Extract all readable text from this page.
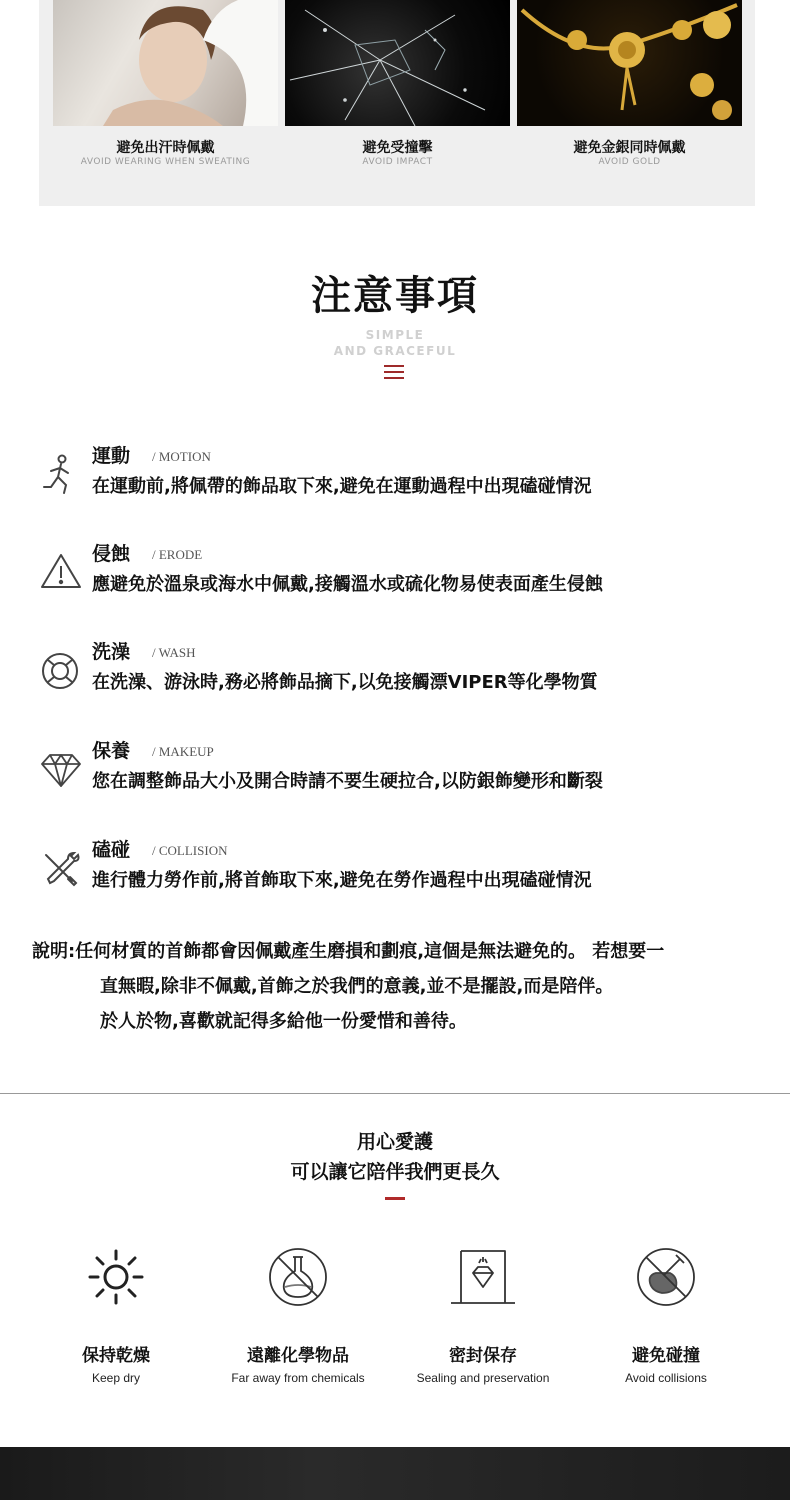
避免出汗時佩戴
AVOID WEARING WHEN SWEATING
避免受撞擊
AVOID IMPACT
避免金銀同時佩戴
AVOID GOLD
注意事項
SIMPLE
AND GRACEFUL
運動 / MOTION
在運動前,將佩帶的飾品取下來,避免在運動過程中出現磕碰情況
侵蝕 / ERODE
應避免於溫泉或海水中佩戴,接觸溫水或硫化物易使表面產生侵蝕
洗澡 / WASH
在洗澡、游泳時,務必將飾品摘下,以免接觸漂VIPER等化學物質
保養 / MAKEUP
您在調整飾品大小及開合時請不要生硬拉合,以防銀飾變形和斷裂
磕碰 / COLLISION
進行體力勞作前,將首飾取下來,避免在勞作過程中出現磕碰情況
說明:任何材質的首飾都會因佩戴產生磨損和劃痕,這個是無法避免的。 若想要一
直無暇,除非不佩戴,首飾之於我們的意義,並不是擺設,而是陪伴。
於人於物,喜歡就記得多給他一份愛惜和善待。
用心愛護
可以讓它陪伴我們更長久
保持乾燥
Keep dry
遠離化學物品
Far away from chemicals
密封保存
Sealing and preservation
避免碰撞
Avoid collisions
